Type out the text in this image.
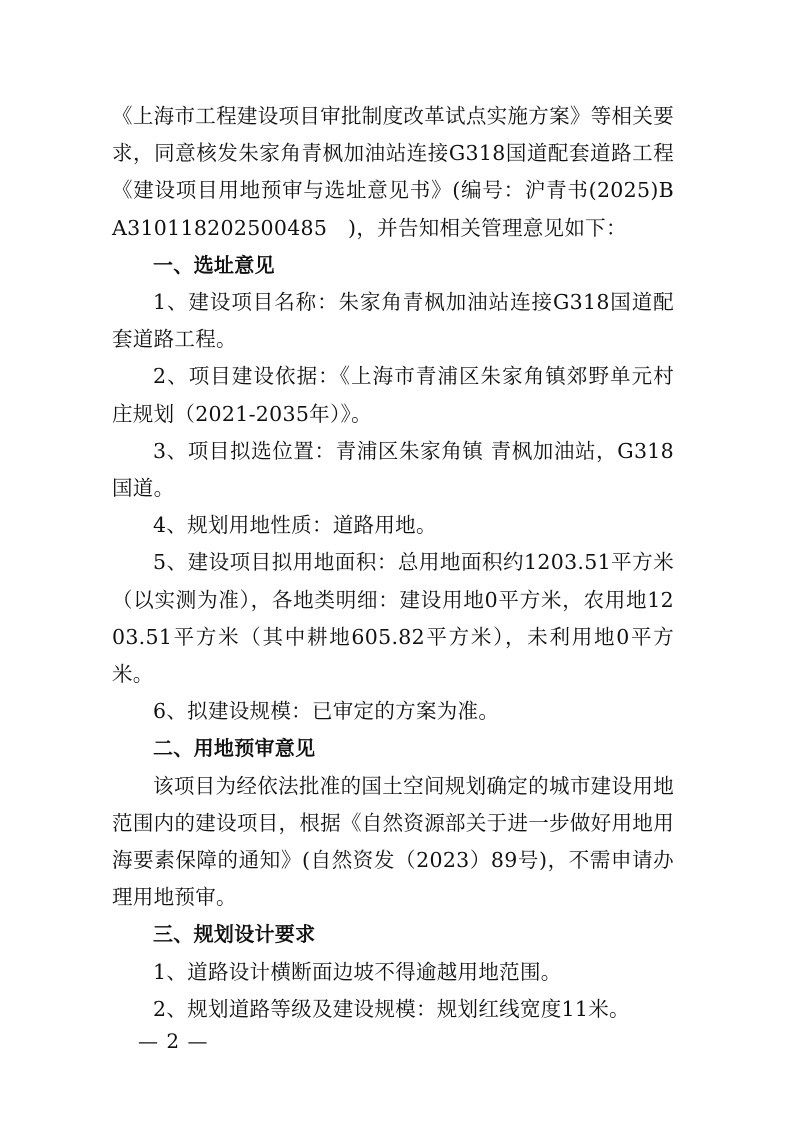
《上海市工程建设项目审批制度改革试点实施方案》等相关要求，同意核发朱家角青枫加油站连接G318国道配套道路工程《建设项目用地预审与选址意见书》(编号：沪青书(2025)BA310118202500485　)，并告知相关管理意见如下：

一、选址意见

1、建设项目名称：朱家角青枫加油站连接G318国道配套道路工程。

2、项目建设依据：《上海市青浦区朱家角镇郊野单元村庄规划（2021-2035年）》。

3、项目拟选位置：青浦区朱家角镇 青枫加油站，G318国道。

4、规划用地性质：道路用地。

5、建设项目拟用地面积：总用地面积约1203.51平方米（以实测为准），各地类明细：建设用地0平方米，农用地1203.51平方米（其中耕地605.82平方米），未利用地0平方米。

6、拟建设规模：已审定的方案为准。

二、用地预审意见

该项目为经依法批准的国土空间规划确定的城市建设用地范围内的建设项目，根据《自然资源部关于进一步做好用地用海要素保障的通知》(自然资发（2023）89号)，不需申请办理用地预审。

三、规划设计要求

1、道路设计横断面边坡不得逾越用地范围。

2、规划道路等级及建设规模：规划红线宽度11米。

— 2 —
